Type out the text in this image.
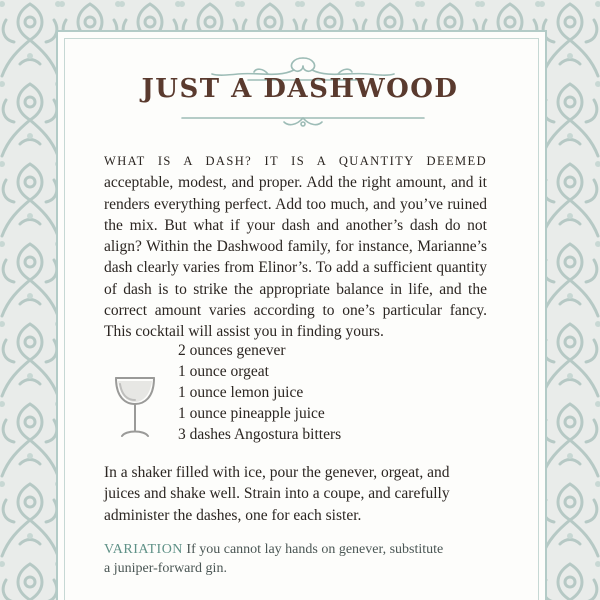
JUST A DASHWOOD
WHAT IS A DASH? IT IS A QUANTITY DEEMED acceptable, modest, and proper. Add the right amount, and it renders everything perfect. Add too much, and you’ve ruined the mix. But what if your dash and another’s dash do not align? Within the Dashwood family, for instance, Marianne’s dash clearly varies from Elinor’s. To add a sufficient quantity of dash is to strike the appropriate balance in life, and the correct amount varies according to one’s particular fancy. This cocktail will assist you in finding yours.
2 ounces genever
1 ounce orgeat
1 ounce lemon juice
1 ounce pineapple juice
3 dashes Angostura bitters

In a shaker filled with ice, pour the genever, orgeat, and juices and shake well. Strain into a coupe, and carefully administer the dashes, one for each sister.

VARIATION If you cannot lay hands on genever, substitute
a juniper-forward gin.
